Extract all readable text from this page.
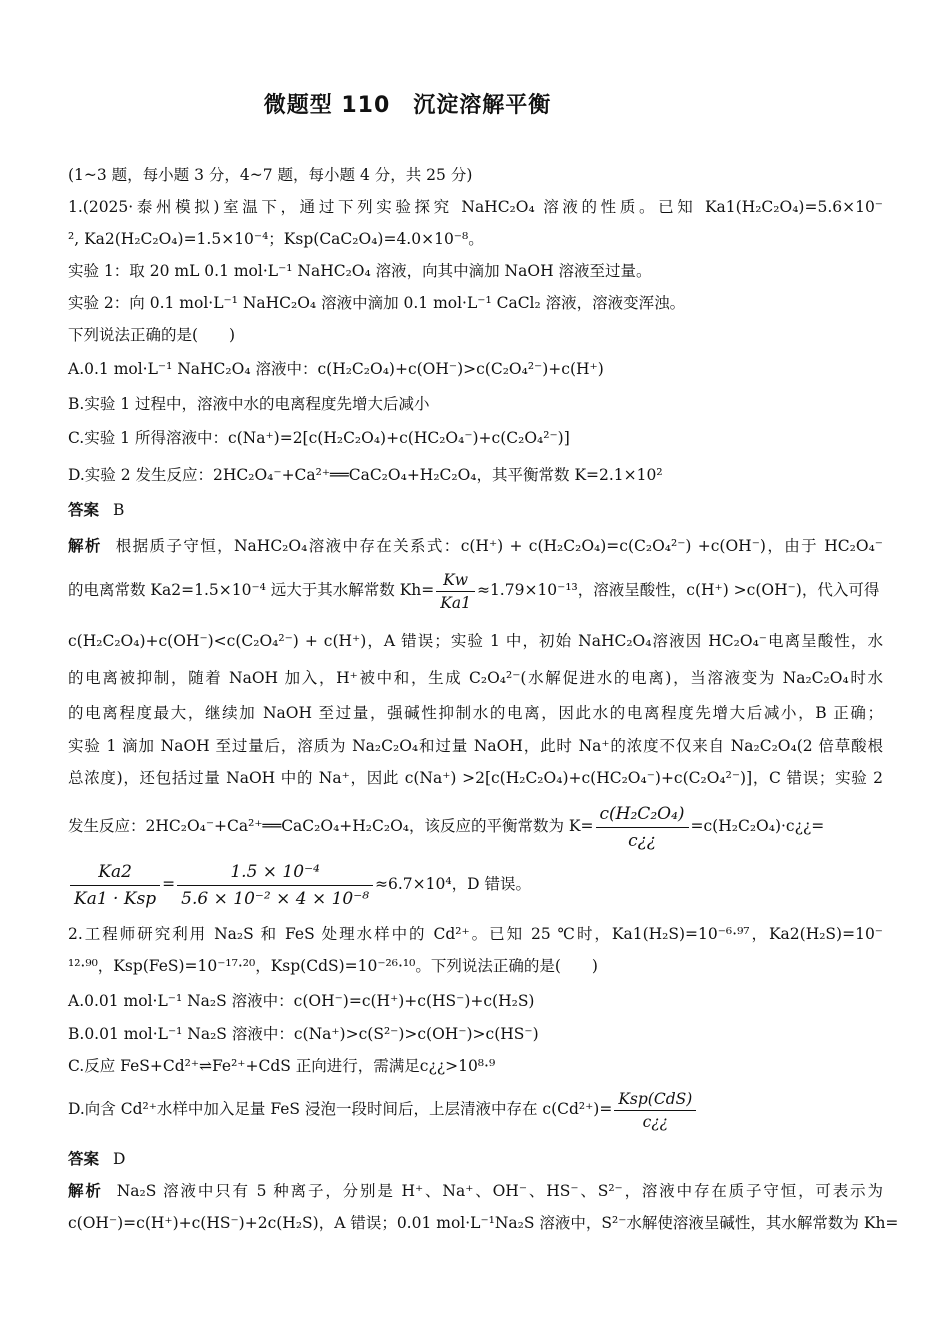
微题型 110　沉淀溶解平衡
(1~3 题，每小题 3 分，4~7 题，每小题 4 分，共 25 分)
1.(2025·泰州模拟)室温下，通过下列实验探究 NaHC₂O₄ 溶液的性质。已知 Ka1(H₂C₂O₄)=5.6×10⁻
², Ka2(H₂C₂O₄)=1.5×10⁻⁴；Ksp(CaC₂O₄)=4.0×10⁻⁸。
实验 1：取 20 mL 0.1 mol·L⁻¹ NaHC₂O₄ 溶液，向其中滴加 NaOH 溶液至过量。
实验 2：向 0.1 mol·L⁻¹ NaHC₂O₄ 溶液中滴加 0.1 mol·L⁻¹ CaCl₂ 溶液，溶液变浑浊。
下列说法正确的是(　　)
A.0.1 mol·L⁻¹ NaHC₂O₄ 溶液中：c(H₂C₂O₄)+c(OH⁻)>c(C₂O₄²⁻)+c(H⁺)
B.实验 1 过程中，溶液中水的电离程度先增大后减小
C.实验 1 所得溶液中：c(Na⁺)=2[c(H₂C₂O₄)+c(HC₂O₄⁻)+c(C₂O₄²⁻)]
D.实验 2 发生反应：2HC₂O₄⁻+Ca²⁺══CaC₂O₄+H₂C₂O₄，其平衡常数 K=2.1×10²
答案 B
解析 根据质子守恒，NaHC₂O₄溶液中存在关系式：c(H⁺) + c(H₂C₂O₄)=c(C₂O₄²⁻) +c(OH⁻)，由于 HC₂O₄⁻
的电离常数 Ka2=1.5×10⁻⁴ 远大于其水解常数 $Kh= \frac{Kw}{Ka1} \approx 1.79\times 10^{-13}$，溶液呈酸性，c(H⁺) >c(OH⁻)，代入可得
c(H₂C₂O₄)+c(OH⁻)<c(C₂O₄²⁻) + c(H⁺)，A 错误；实验 1 中，初始 NaHC₂O₄溶液因 HC₂O₄⁻电离呈酸性，水
的电离被抑制，随着 NaOH 加入，H⁺被中和，生成 C₂O₄²⁻(水解促进水的电离)，当溶液变为 Na₂C₂O₄时水
的电离程度最大，继续加 NaOH 至过量，强碱性抑制水的电离，因此水的电离程度先增大后减小，B 正确；
实验 1 滴加 NaOH 至过量后，溶质为 Na₂C₂O₄和过量 NaOH，此时 Na⁺的浓度不仅来自 Na₂C₂O₄(2 倍草酸根
总浓度)，还包括过量 NaOH 中的 Na⁺，因此 c(Na⁺) >2[c(H₂C₂O₄)+c(HC₂O₄⁻)+c(C₂O₄²⁻)]，C 错误；实验 2
发生反应：2HC₂O₄⁻+Ca²⁺══CaC₂O₄+H₂C₂O₄，该反应的平衡常数为 $K= \frac{\text{c(H₂C₂O₄)}}{c¿¿}$ =c(H₂C₂O₄)·c¿¿=
$\frac{Ka2}{\text{Ka1 · Ksp}} = \frac{\text{1.5 × 10⁻⁴}}{\text{5.6 × 10⁻² × 4 × 10⁻⁸}} \approx 6.7\times 10^4$，D 错误。
2.工程师研究利用 Na₂S 和 FeS 处理水样中的 Cd²⁺。已知 25 ℃时，Ka1(H₂S)=10⁻⁶·⁹⁷，Ka2(H₂S)=10⁻
¹²·⁹⁰，Ksp(FeS)=10⁻¹⁷·²⁰，Ksp(CdS)=10⁻²⁶·¹⁰。下列说法正确的是(　　)
A.0.01 mol·L⁻¹ Na₂S 溶液中：c(OH⁻)=c(H⁺)+c(HS⁻)+c(H₂S)
B.0.01 mol·L⁻¹ Na₂S 溶液中：c(Na⁺)>c(S²⁻)>c(OH⁻)>c(HS⁻)
C.反应 FeS+Cd²⁺⇌Fe²⁺+CdS 正向进行，需满足c¿¿>10⁸·⁹
D.向含 Cd²⁺水样中加入足量 FeS 浸泡一段时间后，上层清液中存在 $c(Cd^{2+})= \frac{\text{Ksp(CdS)}}{c¿¿}$
答案 D
解析 Na₂S 溶液中只有 5 种离子，分别是 H⁺、Na⁺、OH⁻、HS⁻、S²⁻，溶液中存在质子守恒，可表示为
c(OH⁻)=c(H⁺)+c(HS⁻)+2c(H₂S)，A 错误；0.01 mol·L⁻¹Na₂S 溶液中，S²⁻水解使溶液呈碱性，其水解常数为 Kh=
